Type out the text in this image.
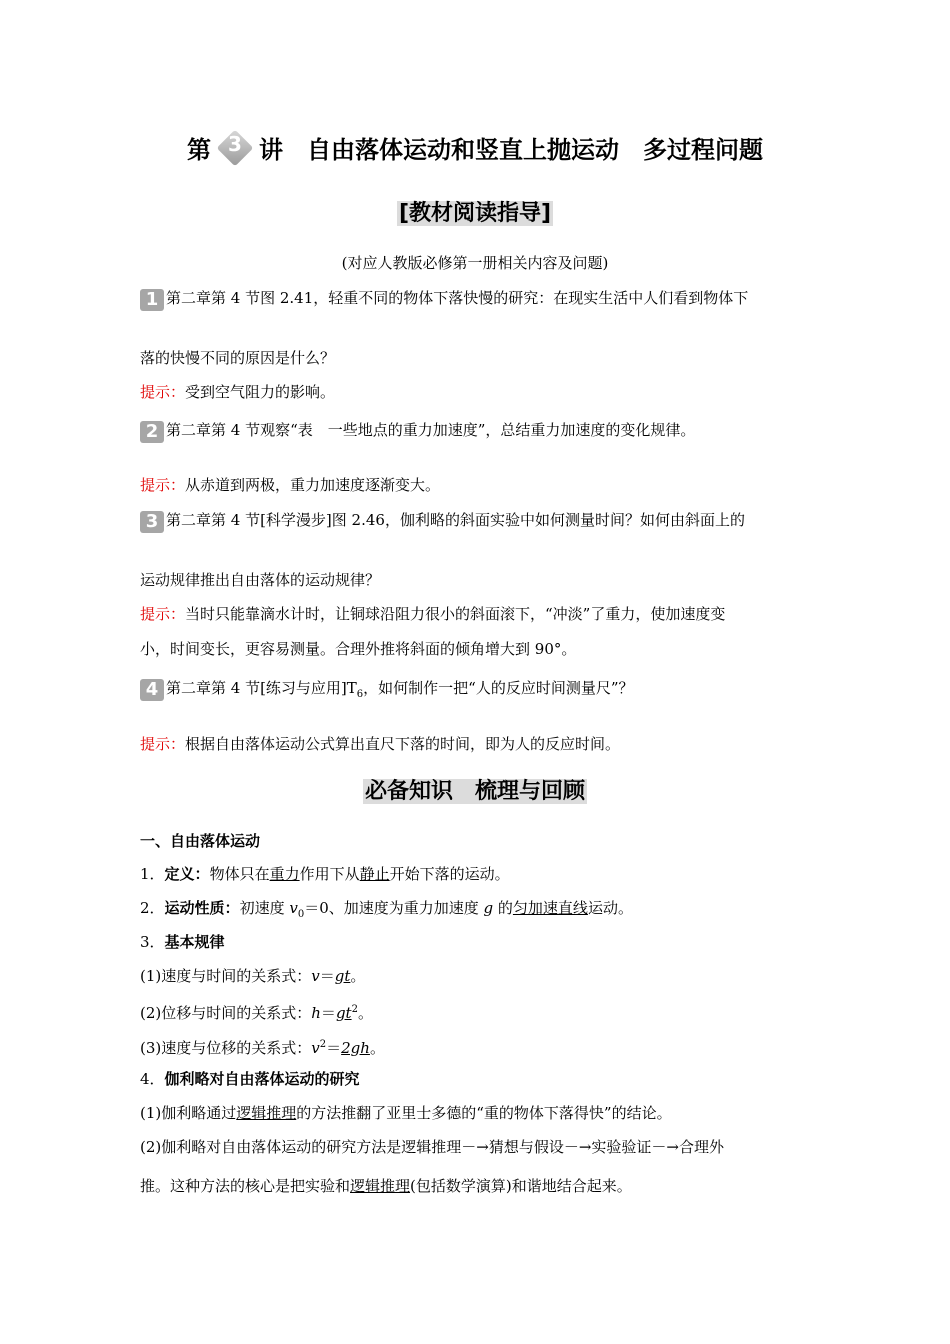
第 3 讲　自由落体运动和竖直上抛运动　多过程问题
[教材阅读指导]
(对应人教版必修第一册相关内容及问题)
1 第二章第 4 节图 2.41，轻重不同的物体下落快慢的研究：在现实生活中人们看到物体下
落的快慢不同的原因是什么？
提示：受到空气阻力的影响。
2 第二章第 4 节观察“表　一些地点的重力加速度”，总结重力加速度的变化规律。
提示：从赤道到两极，重力加速度逐渐变大。
3 第二章第 4 节[科学漫步]图 2.46，伽利略的斜面实验中如何测量时间？如何由斜面上的
运动规律推出自由落体的运动规律？
提示：当时只能靠滴水计时，让铜球沿阻力很小的斜面滚下，“冲淡”了重力，使加速度变
小，时间变长，更容易测量。合理外推将斜面的倾角增大到 90°。
4 第二章第 4 节[练习与应用]$T_6$，如何制作一把“人的反应时间测量尺”？
提示：根据自由落体运动公式算出直尺下落的时间，即为人的反应时间。
必备知识　梳理与回顾
一、自由落体运动
1．定义：物体只在重力作用下从静止开始下落的运动。
2．运动性质：初速度 $v_0=0$、加速度为重力加速度 g 的匀加速直线运动。
3．基本规律
(1)速度与时间的关系式：v＝gt。
(2)位移与时间的关系式：$h=gt^2$。
(3)速度与位移的关系式：$v^2=2gh$。
4．伽利略对自由落体运动的研究
(1)伽利略通过逻辑推理的方法推翻了亚里士多德的“重的物体下落得快”的结论。
(2)伽利略对自由落体运动的研究方法是逻辑推理－→猜想与假设－→实验验证－→合理外
推。这种方法的核心是把实验和逻辑推理(包括数学演算)和谐地结合起来。
